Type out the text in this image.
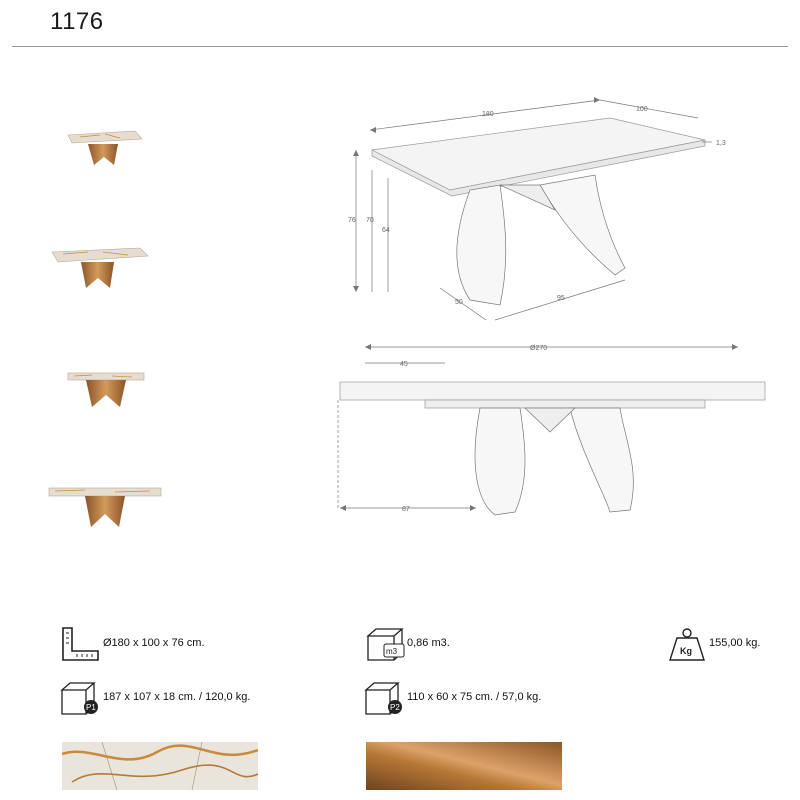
1176
180
100
1,3
76 70
64
50
95
Ø270
45
87
Ø180 x 100 x 76 cm.
m3
0,86 m3.
Kg
155,00 kg.
P1
187 x 107 x 18 cm. / 120,0 kg.
P2
110 x 60 x 75 cm. / 57,0 kg.
